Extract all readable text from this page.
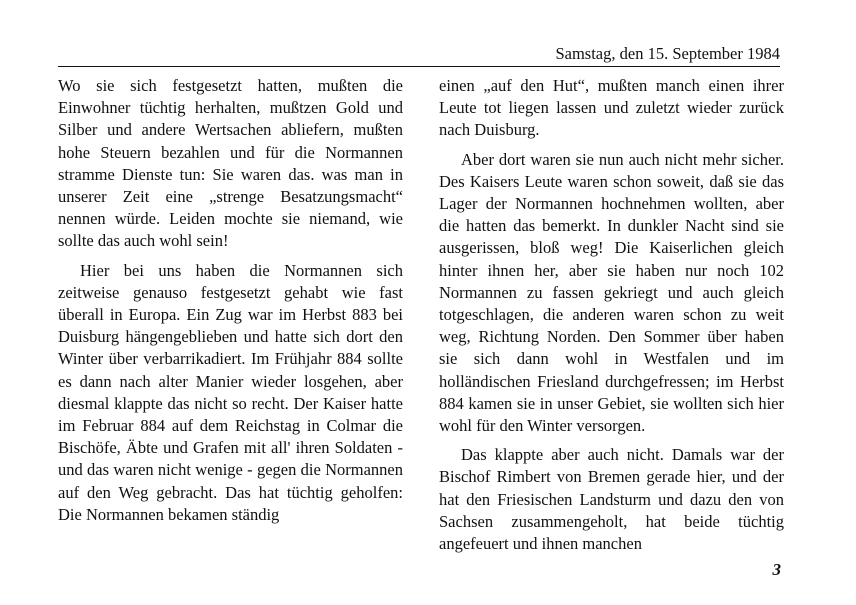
Samstag, den 15. September 1984

Wo sie sich festgesetzt hatten, mußten die Einwohner tüchtig herhalten, mußtzen Gold und Silber und andere Wertsachen abliefern, mußten hohe Steuern bezahlen und für die Normannen stramme Dienste tun: Sie waren das. was man in unserer Zeit eine „strenge Besatzungsmacht“ nennen würde. Leiden mochte sie niemand, wie sollte das auch wohl sein!

Hier bei uns haben die Normannen sich zeitweise genauso festgesetzt gehabt wie fast überall in Europa. Ein Zug war im Herbst 883 bei Duisburg hängengeblieben und hatte sich dort den Winter über verbarrikadiert. Im Frühjahr 884 sollte es dann nach alter Manier wieder losgehen, aber diesmal klappte das nicht so recht. Der Kaiser hatte im Februar 884 auf dem Reichstag in Colmar die Bischöfe, Äbte und Grafen mit all' ihren Soldaten - und das waren nicht wenige - gegen die Normannen auf den Weg gebracht. Das hat tüchtig geholfen: Die Normannen bekamen ständig

einen „auf den Hut“, mußten manch einen ihrer Leute tot liegen lassen und zuletzt wieder zurück nach Duisburg.

Aber dort waren sie nun auch nicht mehr sicher. Des Kaisers Leute waren schon soweit, daß sie das Lager der Normannen hochnehmen wollten, aber die hatten das bemerkt. In dunkler Nacht sind sie ausgerissen, bloß weg! Die Kaiserlichen gleich hinter ihnen her, aber sie haben nur noch 102 Normannen zu fassen gekriegt und auch gleich totgeschlagen, die anderen waren schon zu weit weg, Richtung Norden. Den Sommer über haben sie sich dann wohl in Westfalen und im holländischen Friesland durchgefressen; im Herbst 884 kamen sie in unser Gebiet, sie wollten sich hier wohl für den Winter versorgen.

Das klappte aber auch nicht. Damals war der Bischof Rimbert von Bremen gerade hier, und der hat den Friesischen Landsturm und dazu den von Sachsen zusammengeholt, hat beide tüchtig angefeuert und ihnen manchen

3
